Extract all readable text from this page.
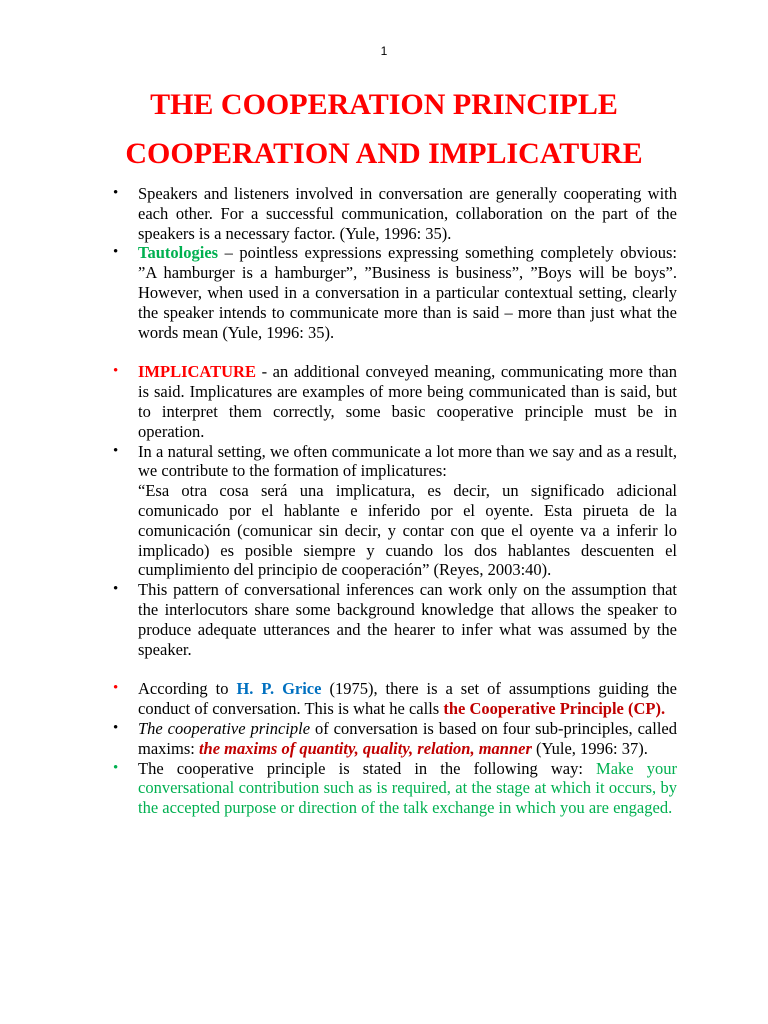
1
THE COOPERATION PRINCIPLE
COOPERATION AND IMPLICATURE
• Speakers and listeners involved in conversation are generally cooperating with each other. For a successful communication, collaboration on the part of the speakers is a necessary factor. (Yule, 1996: 35).
• Tautologies – pointless expressions expressing something completely obvious: ”A hamburger is a hamburger”, ”Business is business”, ”Boys will be boys”. However, when used in a conversation in a particular contextual setting, clearly the speaker intends to communicate more than is said – more than just what the words mean (Yule, 1996: 35).
• IMPLICATURE - an additional conveyed meaning, communicating more than is said. Implicatures are examples of more being communicated than is said, but to interpret them correctly, some basic cooperative principle must be in operation.
• In a natural setting, we often communicate a lot more than we say and as a result, we contribute to the formation of implicatures:
“Esa otra cosa será una implicatura, es decir, un significado adicional comunicado por el hablante e inferido por el oyente. Esta pirueta de la comunicación (comunicar sin decir, y contar con que el oyente va a inferir lo implicado) es posible siempre y cuando los dos hablantes descuenten el cumplimiento del principio de cooperación” (Reyes, 2003:40).
• This pattern of conversational inferences can work only on the assumption that the interlocutors share some background knowledge that allows the speaker to produce adequate utterances and the hearer to infer what was assumed by the speaker.
• According to H. P. Grice (1975), there is a set of assumptions guiding the conduct of conversation. This is what he calls the Cooperative Principle (CP).
• The cooperative principle of conversation is based on four sub-principles, called maxims: the maxims of quantity, quality, relation, manner (Yule, 1996: 37).
• The cooperative principle is stated in the following way: Make your conversational contribution such as is required, at the stage at which it occurs, by the accepted purpose or direction of the talk exchange in which you are engaged.
